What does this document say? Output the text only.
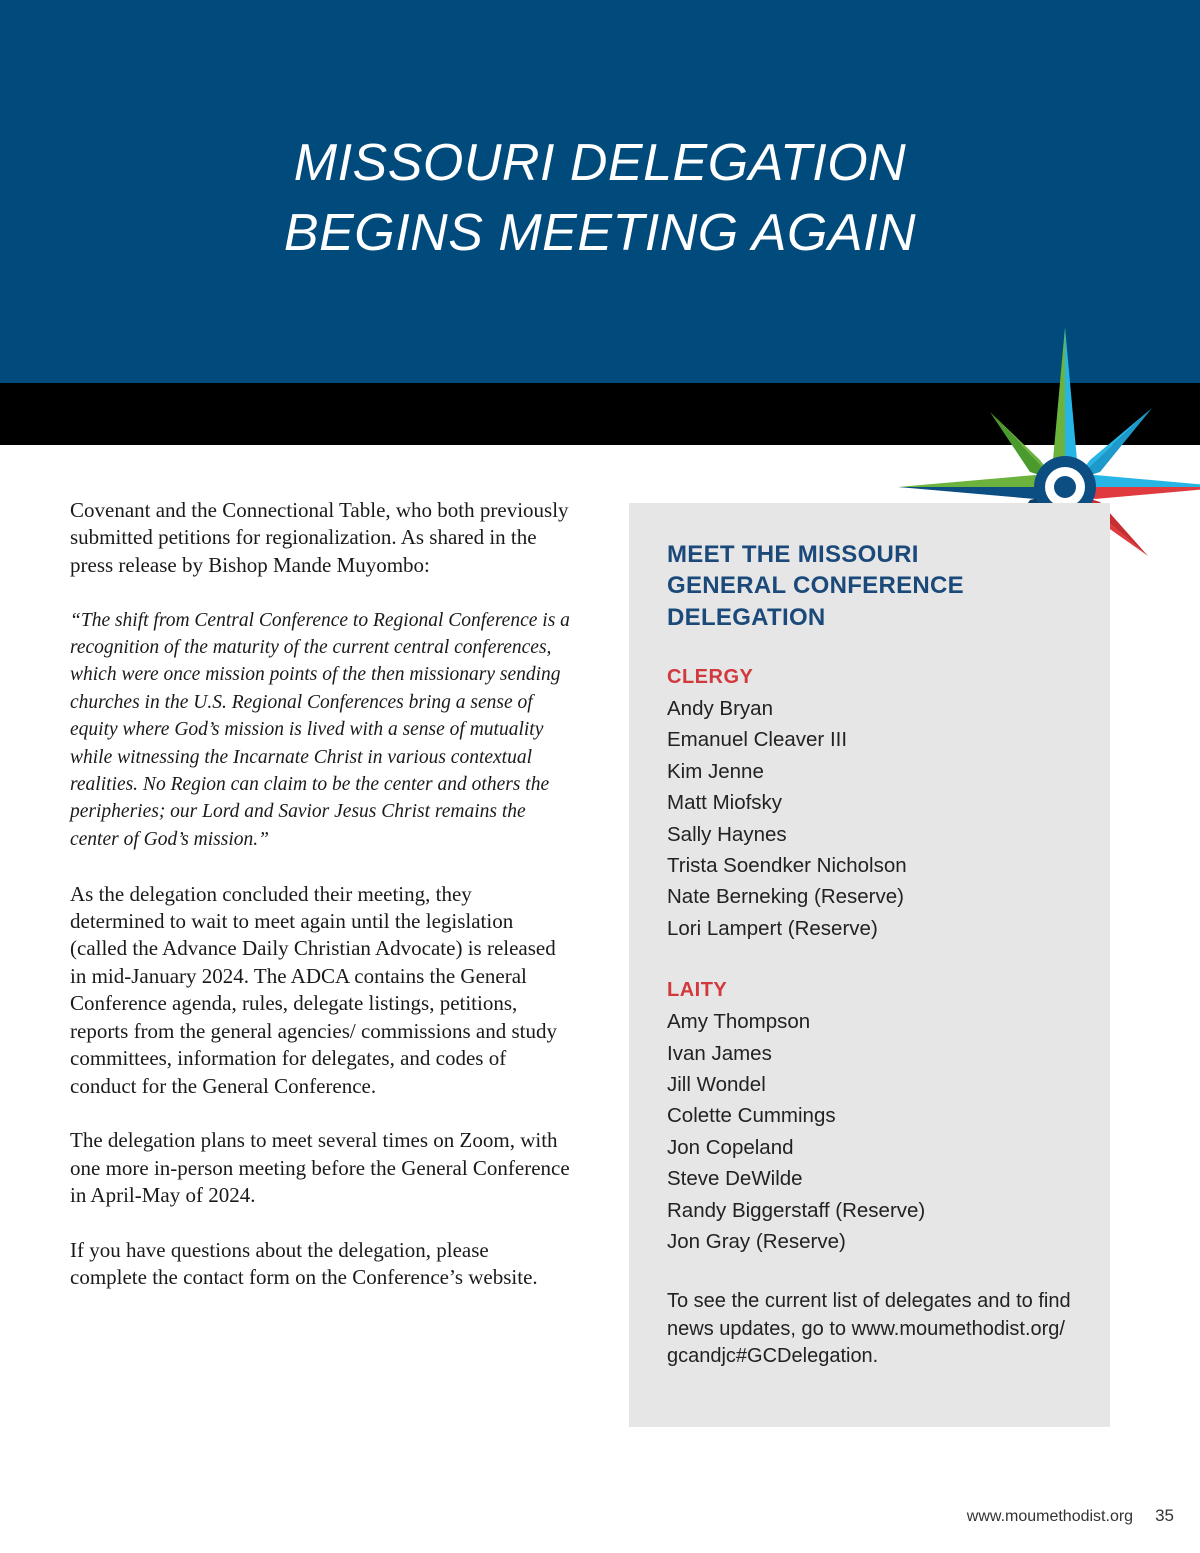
MISSOURI DELEGATION
BEGINS MEETING AGAIN

Covenant and the Connectional Table, who both previously submitted petitions for regionalization. As shared in the press release by Bishop Mande Muyombo:

“The shift from Central Conference to Regional Conference is a recognition of the maturity of the current central conferences, which were once mission points of the then missionary sending churches in the U.S. Regional Conferences bring a sense of equity where God’s mission is lived with a sense of mutuality while witnessing the Incarnate Christ in various contextual realities. No Region can claim to be the center and others the peripheries; our Lord and Savior Jesus Christ remains the center of God’s mission.”

As the delegation concluded their meeting, they determined to wait to meet again until the legislation (called the Advance Daily Christian Advocate) is released in mid-January 2024. The ADCA contains the General Conference agenda, rules, delegate listings, petitions, reports from the general agencies/ commissions and study committees, information for delegates, and codes of conduct for the General Conference.

The delegation plans to meet several times on Zoom, with one more in-person meeting before the General Conference in April-May of 2024.

If you have questions about the delegation, please complete the contact form on the Conference’s website.

MEET THE MISSOURI
GENERAL CONFERENCE
DELEGATION
CLERGY
Andy Bryan
Emanuel Cleaver III
Kim Jenne
Matt Miofsky
Sally Haynes
Trista Soendker Nicholson
Nate Berneking (Reserve)
Lori Lampert (Reserve)
LAITY
Amy Thompson
Ivan James
Jill Wondel
Colette Cummings
Jon Copeland
Steve DeWilde
Randy Biggerstaff (Reserve)
Jon Gray (Reserve)

To see the current list of delegates and to find news updates, go to www.moumethodist.org/ gcandjc#GCDelegation.

www.moumethodist.org 35
